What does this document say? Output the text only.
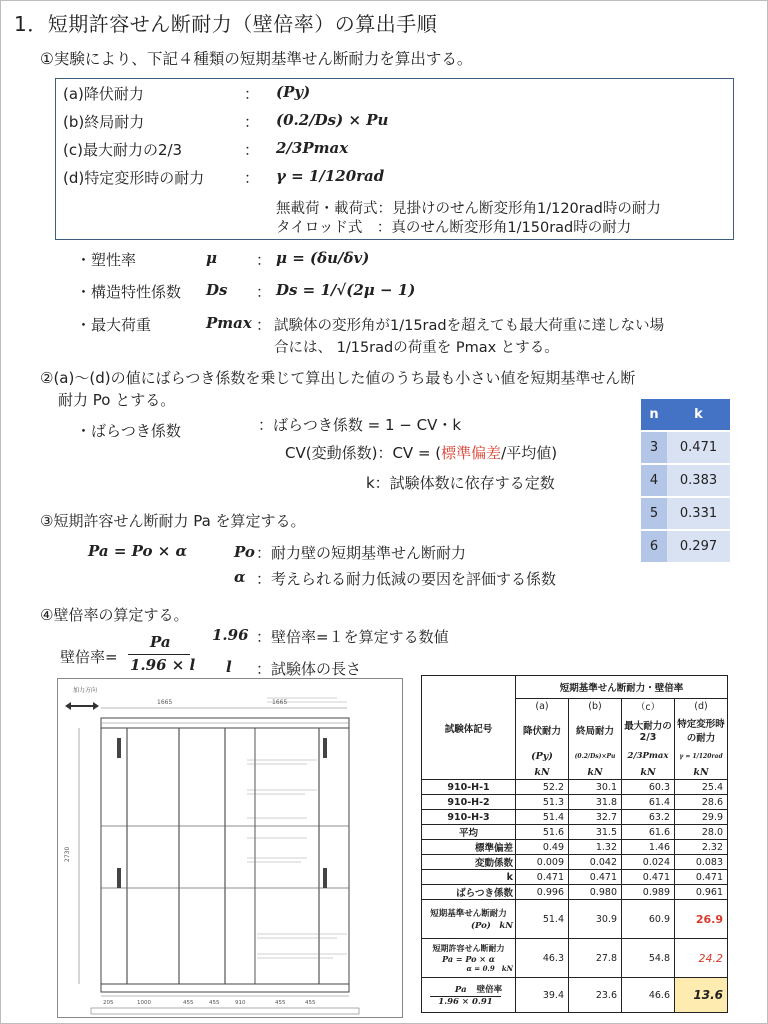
1．短期許容せん断耐力（壁倍率）の算出手順
①実験により、下記４種類の短期基準せん断耐力を算出する。
(a)降伏耐力	： (Py)
(b)終局耐力	： (0.2/Ds) × Pu
(c)最大耐力の2/3	： 2/3Pmax
(d)特定変形時の耐力	： γ = 1/120rad
無載荷・載荷式：見掛けのせん断変形角1/120rad時の耐力
タイロッド式　：真のせん断変形角1/150rad時の耐力
・塑性率	μ	： μ = (δu/δv)
・構造特性係数 Ds ： Ds = 1/√(2μ − 1)
・最大荷重	Pmax ： 試験体の変形角が1/15radを超えても最大荷重に達しない場
合には、 1/15radの荷重を Pmax とする。
②(a)～(d)の値にばらつき係数を乗じて算出した値のうち最も小さい値を短期基準せん断
耐力 Po とする。
・ばらつき係数	：ばらつき係数 = 1 − CV・k
CV(変動係数)：CV = (標準偏差/平均値)
k：試験体数に依存する定数
n	k
3	0.471
4	0.383
5	0.331
6	0.297
③短期許容せん断耐力 Pa を算定する。
Pa = Po × α	Po ：耐力壁の短期基準せん断耐力
α ：考えられる耐力低減の要因を評価する係数
④壁倍率の算定する。
壁倍率=
Pa
1.96 × l
1.96 ：壁倍率=１を算定する数値
l ：試験体の長さ
加力方向
1665	1665
2730
205	1000	455	455	910	455	455
試験体記号	短期基準せん断耐力・壁倍率			
	(a)	(b)	（c）	(d)
	降伏耐力	終局耐力	最大耐力の2/3	特定変形時の耐力
	(Py)	(0.2/Ds)×Pu	2/3Pmax	γ = 1/120rad
	kN	kN	kN	kN
910-H-1	52.2	30.1	60.3	25.4
910-H-2	51.3	31.8	61.4	28.6
910-H-3	51.4	32.7	63.2	29.9
平均	51.6	31.5	61.6	28.0
標準偏差	0.49	1.32	1.46	2.32
変動係数	0.009	0.042	0.024	0.083
k	0.471	0.471	0.471	0.471
ばらつき係数	0.996	0.980	0.989	0.961

短期基準せん断耐力
(Po)　kN	51.4	30.9	60.9	26.9

短期許容せん断耐力
Pa = Po × α
α = 0.9　kN	46.3	27.8	54.8	24.2

Pa 壁倍率
1.96 × 0.91	39.4	23.6	46.6	13.6
